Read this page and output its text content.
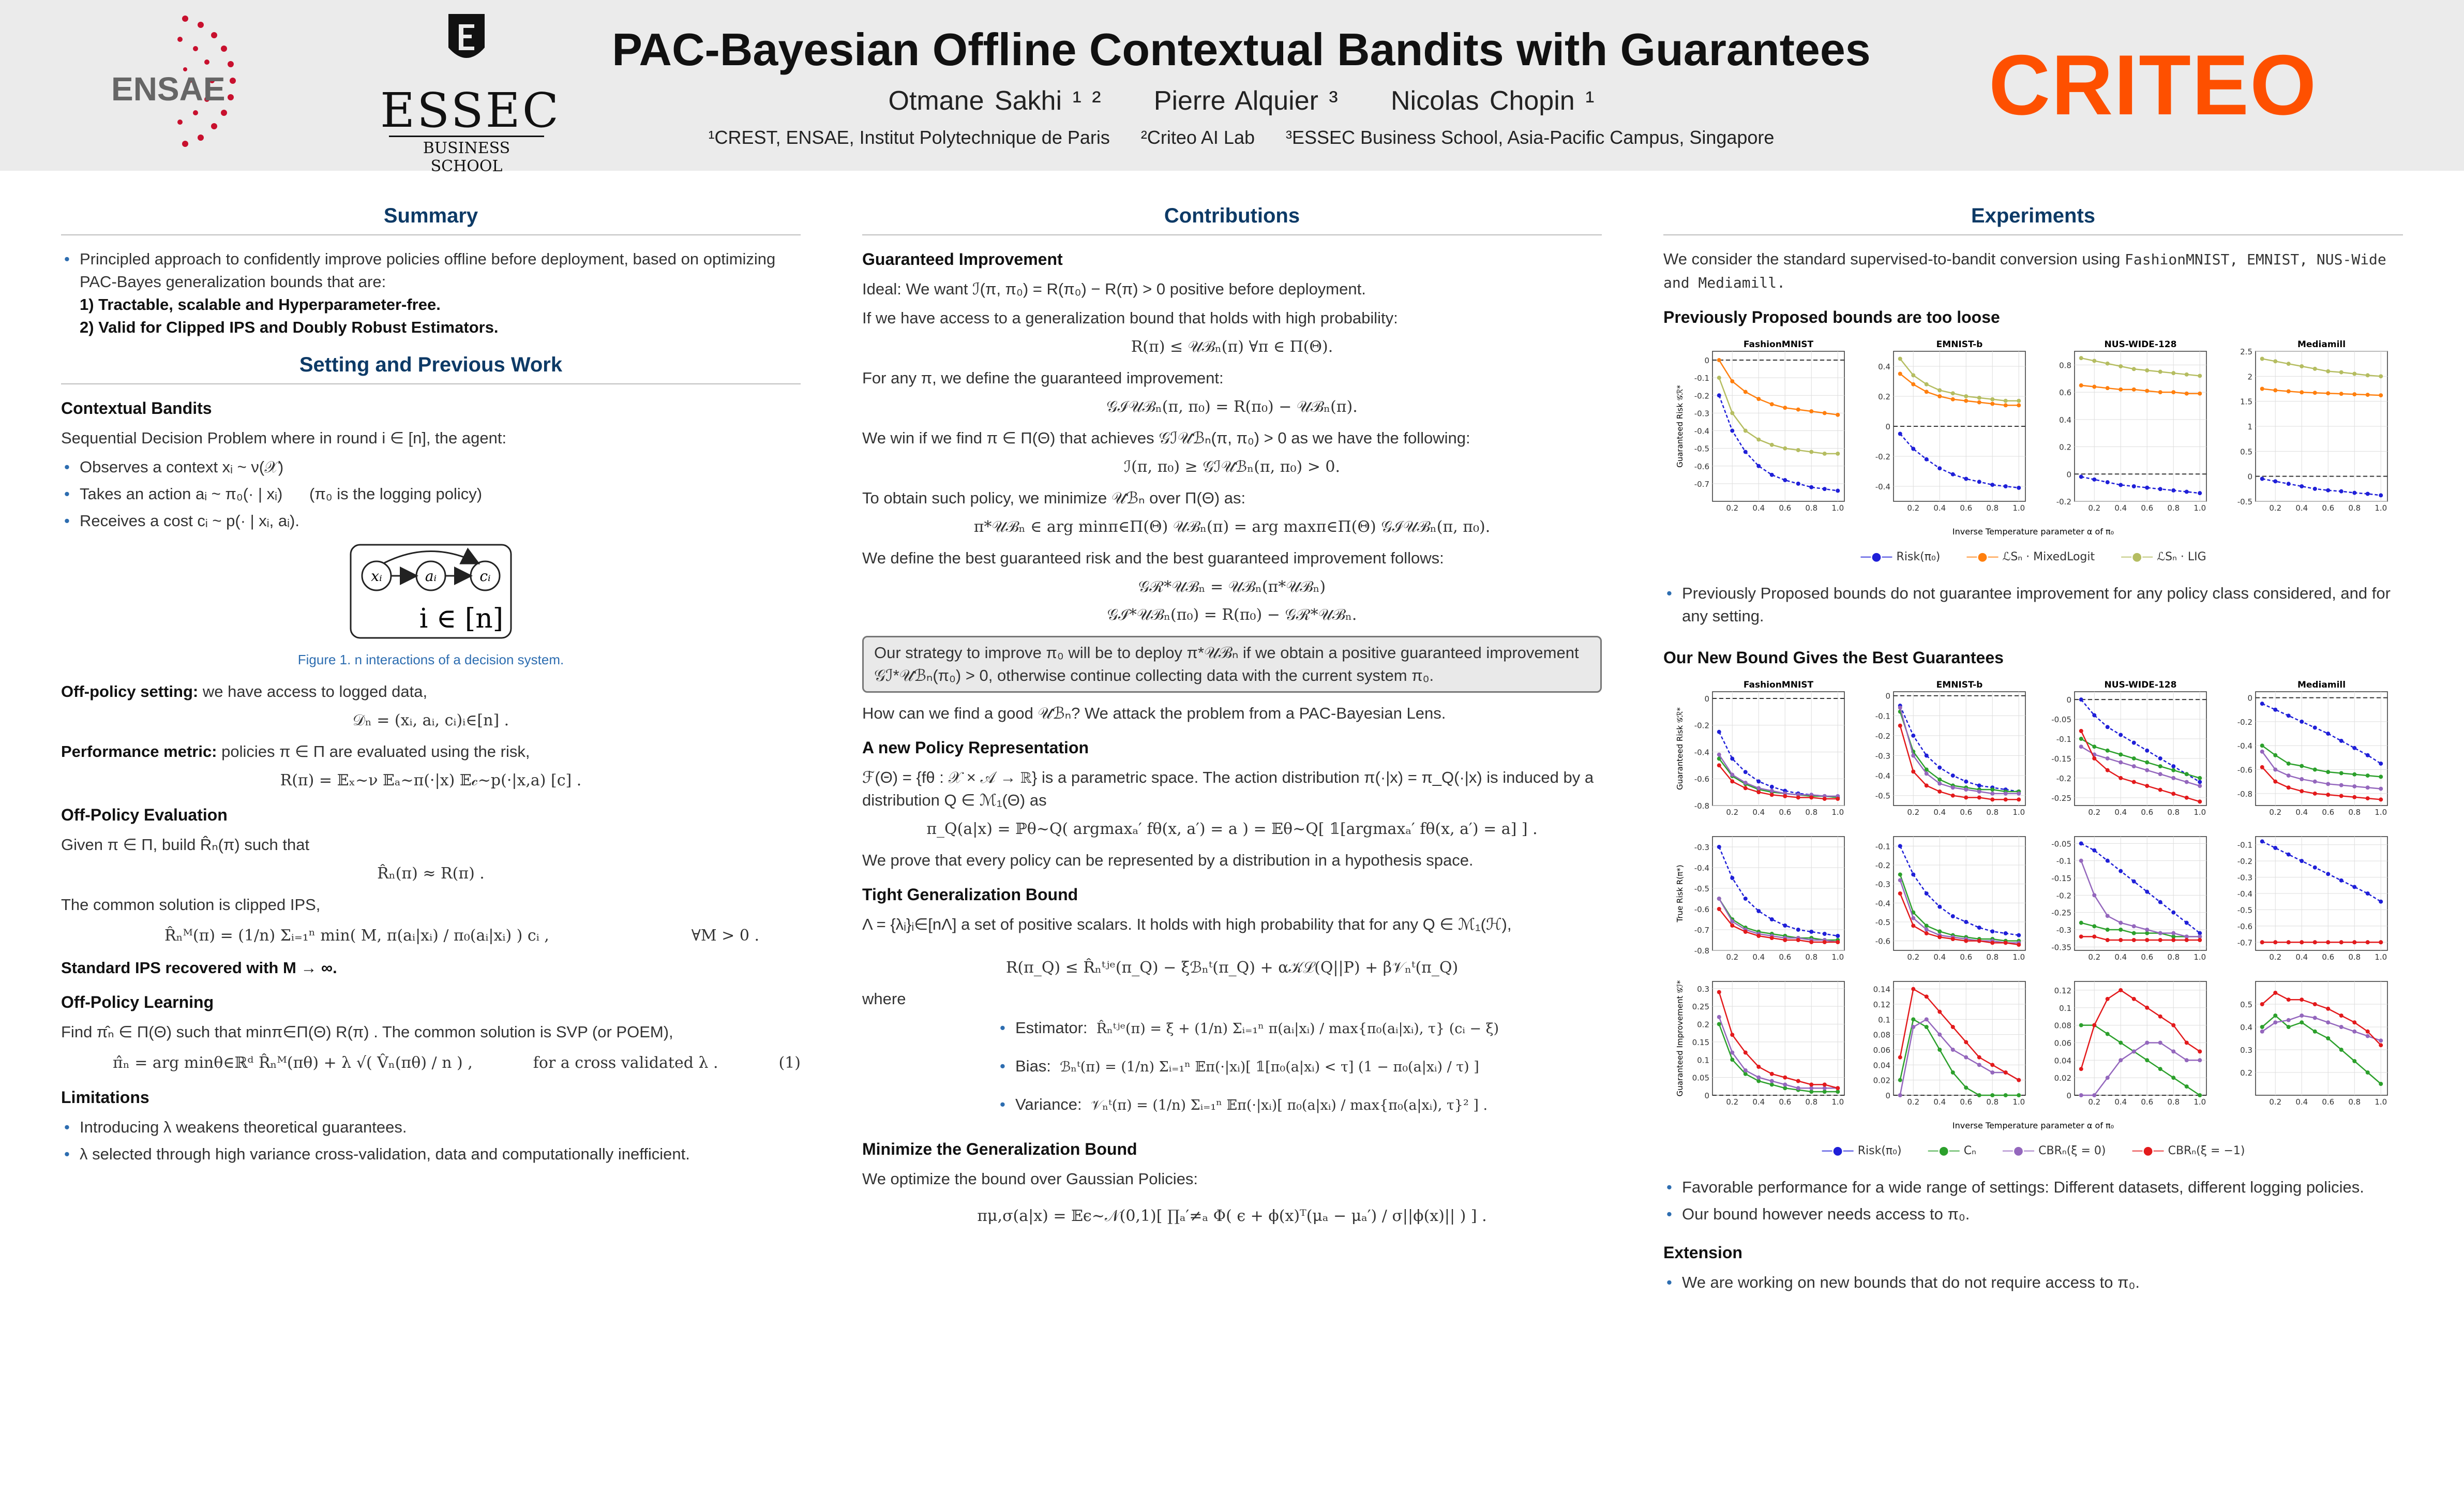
ENSAE	ESSEC
BUSINESS SCHOOL
PAC-Bayesian Offline Contextual Bandits with Guarantees
Otmane Sakhi ¹ ² Pierre Alquier ³ Nicolas Chopin ¹
¹CREST, ENSAE, Institut Polytechnique de Paris      ²Criteo AI Lab      ³ESSEC Business School, Asia-Pacific Campus, Singapore
CRITEO
Summary
• Principled approach to confidently improve policies offline before deployment, based on optimizing PAC-Bayes generalization bounds that are:
1) Tractable, scalable and Hyperparameter-free.
2) Valid for Clipped IPS and Doubly Robust Estimators.
Setting and Previous Work
Contextual Bandits

Sequential Decision Problem where in round i ∈ [n], the agent:

• Observes a context xᵢ ~ ν(𝒳)
• Takes an action aᵢ ~ π₀(· | xᵢ)      (π₀ is the logging policy)
• Receives a cost cᵢ ~ p(· | xᵢ, aᵢ).
xᵢ	aᵢ	cᵢ
i ∈ [n]
Figure 1. n interactions of a decision system.

Off-policy setting: we have access to logged data,

𝒟ₙ = (xᵢ, aᵢ, cᵢ)ᵢ∈[n] .

Performance metric: policies π ∈ Π are evaluated using the risk,

R(π) = 𝔼ₓ~ν 𝔼ₐ~π(·|x) 𝔼𝒸~p(·|x,a) [c] .
Off-Policy Evaluation

Given π ∈ Π, build R̂ₙ(π) such that

R̂ₙ(π) ≈ R(π) .

The common solution is clipped IPS,

R̂ₙᴹ(π) = (1/n) Σᵢ₌₁ⁿ min( M, π(aᵢ|xᵢ) / π₀(aᵢ|xᵢ) ) cᵢ ,	∀M > 0 .

Standard IPS recovered with M → ∞.

Off-Policy Learning

Find π̂ₙ ∈ Π(Θ) such that minπ∈Π(Θ) R(π) . The common solution is SVP (or POEM),

π̂ₙ = arg minθ∈ℝᵈ R̂ₙᴹ(πθ) + λ √( V̂ₙ(πθ) / n ) ,	for a cross validated λ .	(1)
Limitations
• Introducing λ weakens theoretical guarantees.
• λ selected through high variance cross-validation, data and computationally inefficient.
Contributions
Guaranteed Improvement

Ideal: We want ℐ(π, π₀) = R(π₀) − R(π) > 0 positive before deployment.

If we have access to a generalization bound that holds with high probability:

R(π) ≤ 𝒰ℬₙ(π) ∀π ∈ Π(Θ).

For any π, we define the guaranteed improvement:

𝒢ℐ𝒰ℬₙ(π, π₀) = R(π₀) − 𝒰ℬₙ(π).

We win if we find π ∈ Π(Θ) that achieves 𝒢ℐ𝒰ℬₙ(π, π₀) > 0 as we have the following:

ℐ(π, π₀) ≥ 𝒢ℐ𝒰ℬₙ(π, π₀) > 0.

To obtain such policy, we minimize 𝒰ℬₙ over Π(Θ) as:

π*𝒰ℬₙ ∈ arg minπ∈Π(Θ) 𝒰ℬₙ(π) = arg maxπ∈Π(Θ) 𝒢ℐ𝒰ℬₙ(π, π₀).

We define the best guaranteed risk and the best guaranteed improvement follows:

𝒢ℛ*𝒰ℬₙ = 𝒰ℬₙ(π*𝒰ℬₙ)
𝒢ℐ*𝒰ℬₙ(π₀) = R(π₀) − 𝒢ℛ*𝒰ℬₙ.
Our strategy to improve π₀ will be to deploy π*𝒰ℬₙ if we obtain a positive guaranteed improvement 𝒢ℐ*𝒰ℬₙ(π₀) > 0, otherwise continue collecting data with the current system π₀.

How can we find a good 𝒰ℬₙ? We attack the problem from a PAC-Bayesian Lens.

A new Policy Representation

ℱ(Θ) = {fθ : 𝒳 × 𝒜 → ℝ} is a parametric space. The action distribution π(·|x) = π_Q(·|x) is induced by a distribution Q ∈ ℳ₁(Θ) as

π_Q(a|x) = ℙθ~Q( argmaxₐ′ fθ(x, a′) = a ) = 𝔼θ~Q[ 𝟙[argmaxₐ′ fθ(x, a′) = a] ] .

We prove that every policy can be represented by a distribution in a hypothesis space.

Tight Generalization Bound

Λ = {λᵢ}ᵢ∈[nΛ] a set of positive scalars. It holds with high probability that for any Q ∈ ℳ₁(ℋ),

R(π_Q) ≤ R̂ₙᵗʲᵉ(π_Q) − ξℬₙᵗ(π_Q) + α𝒦ℒ(Q||P) + β𝒱ₙᵗ(π_Q)

where

• Estimator: R̂ₙᵗʲᵉ(π) = ξ + (1/n) Σᵢ₌₁ⁿ π(aᵢ|xᵢ) / max{π₀(aᵢ|xᵢ), τ} (cᵢ − ξ)
• Bias: ℬₙᵗ(π) = (1/n) Σᵢ₌₁ⁿ 𝔼π(·|xᵢ)[ 𝟙[π₀(a|xᵢ) < τ] (1 − π₀(a|xᵢ) / τ) ]
• Variance: 𝒱ₙᵗ(π) = (1/n) Σᵢ₌₁ⁿ 𝔼π(·|xᵢ)[ π₀(a|xᵢ) / max{π₀(a|xᵢ), τ}² ] .
Minimize the Generalization Bound

We optimize the bound over Gaussian Policies:

πμ,σ(a|x) = 𝔼ϵ~𝒩(0,1)[ ∏ₐ′≠ₐ Φ( ϵ + ϕ(x)ᵀ(μₐ − μₐ′) / σ||ϕ(x)|| ) ] .
Experiments

We consider the standard supervised-to-bandit conversion using FashionMNIST, EMNIST, NUS-Wide and Mediamill.

Previously Proposed bounds are too loose
0
-0.1
-0.2
-0.3
-0.4
-0.5
-0.6
-0.7
0.2 0.4 0.6 0.8 1.0
FashionMNIST
Guaranteed Risk 𝒢ℛ*
0.4
0.2
0
-0.2
-0.4
0.2 0.4 0.6 0.8 1.0
EMNIST-b
0.8
0.6
0.4
0.2
0
-0.2
0.2 0.4 0.6 0.8 1.0
NUS-WIDE-128
2.5
2
1.5
1
0.5
0
-0.5
0.2 0.4 0.6 0.8 1.0
Mediamill
Inverse Temperature parameter α of π₀
—●— Risk(π₀) —●— ℒSₙ · MixedLogit —●— ℒSₙ · LIG
• Previously Proposed bounds do not guarantee improvement for any policy class considered, and for any setting.
Our New Bound Gives the Best Guarantees
0
-0.2
-0.4
-0.6
-0.8
0.2 0.4 0.6 0.8 1.0
FashionMNIST
Guaranteed Risk 𝒢ℛ*
0
-0.1
-0.2
-0.3
-0.4
-0.5
0.2 0.4 0.6 0.8 1.0
EMNIST-b
0
-0.05
-0.1
-0.15
-0.2
-0.25
0.2 0.4 0.6 0.8 1.0
NUS-WIDE-128
0
-0.2
-0.4
-0.6
-0.8
0.2 0.4 0.6 0.8 1.0
Mediamill
-0.3
-0.4
-0.5
-0.6
-0.7
-0.8
0.2 0.4 0.6 0.8 1.0
True Risk R(π*)
-0.1
-0.2
-0.3
-0.4
-0.5
-0.6
0.2 0.4 0.6 0.8 1.0
-0.05
-0.1
-0.15
-0.2
-0.25
-0.3
-0.35
0.2 0.4 0.6 0.8 1.0
-0.1
-0.2
-0.3
-0.4
-0.5
-0.6
-0.7
0.2 0.4 0.6 0.8 1.0
0
0.05
0.1
0.15
0.2
0.25
0.3
0.2 0.4 0.6 0.8 1.0
Guaranteed Improvement 𝒢ℐ*	0
0.02
0.04
0.06
0.08
0.1
0.12
0.14
0.2 0.4 0.6 0.8 1.0
0
0.02
0.04
0.06
0.08
0.1
0.12
0.2 0.4 0.6 0.8 1.0
0.2
0.3
0.4
0.5
0.2 0.4 0.6 0.8 1.0
Inverse Temperature parameter α of π₀
—●— Risk(π₀) —●— Cₙ —●— CBRₙ(ξ = 0) —●— CBRₙ(ξ = −1)
• Favorable performance for a wide range of settings: Different datasets, different logging policies.
• Our bound however needs access to π₀.
Extension
• We are working on new bounds that do not require access to π₀.
